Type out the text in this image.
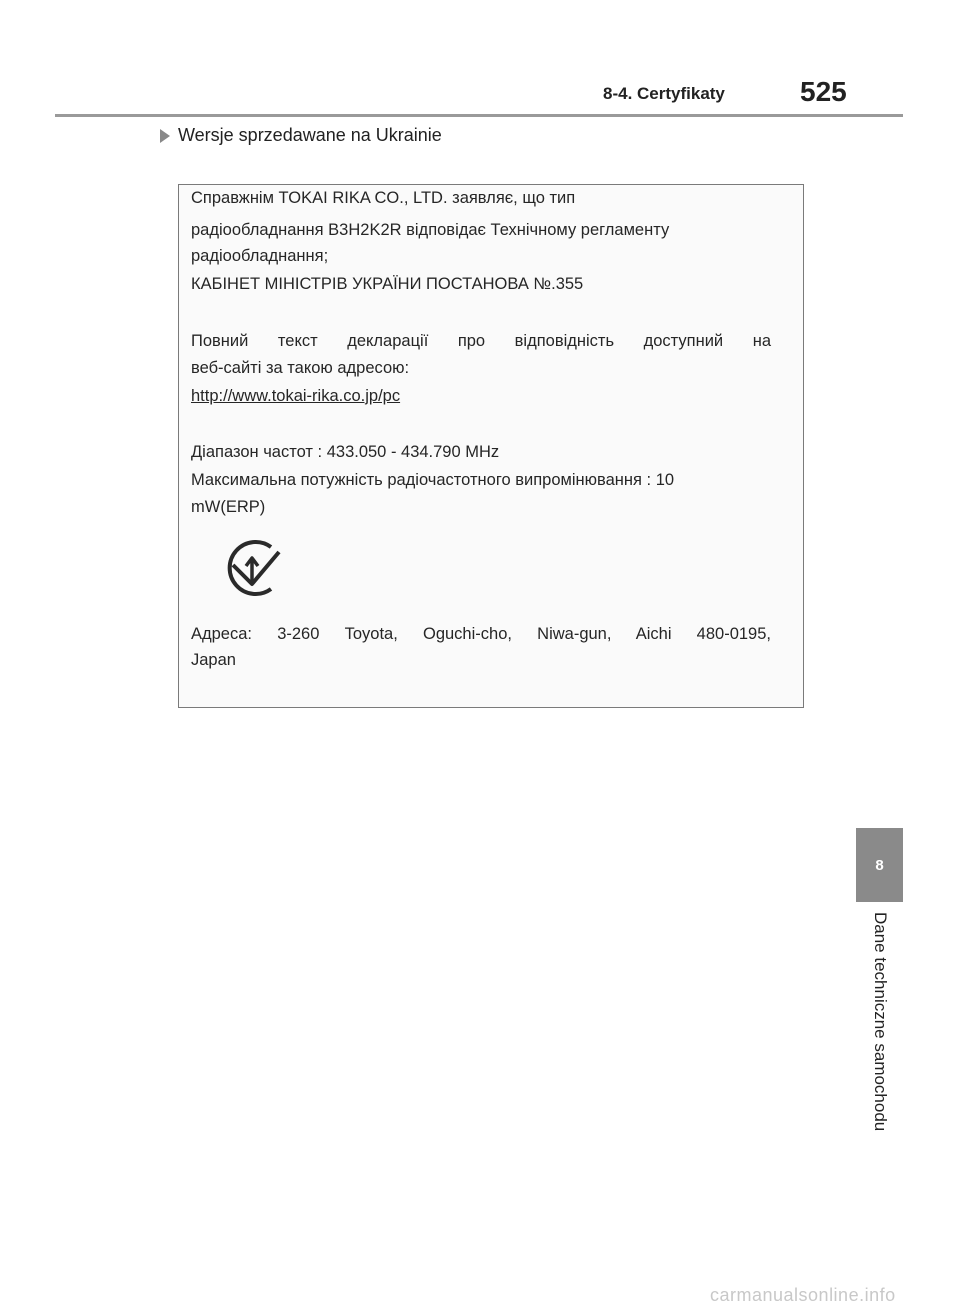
8-4. Certyfikaty	525
Wersje sprzedawane na Ukrainie
Справжнім TOKAI RIKA CO., LTD. заявляє, що тип
радіообладнання B3H2K2R відповідає Технічному регламенту
радіообладнання;
КАБІНЕТ МІНІСТРІВ УКРАЇНИ ПОСТАНОВА №.355
Повний текст декларації про відповідність доступний на
веб-сайті за такою адресою:
http://www.tokai-rika.co.jp/pc
Діапазон частот : 433.050 - 434.790 MHz
Максимальна потужність радіочастотного випромінювання : 10
mW(ERP)
Адреса: 3-260 Toyota, Oguchi-cho, Niwa-gun, Aichi 480-0195,
Japan
8
Dane techniczne samochodu
carmanualsonline.info
